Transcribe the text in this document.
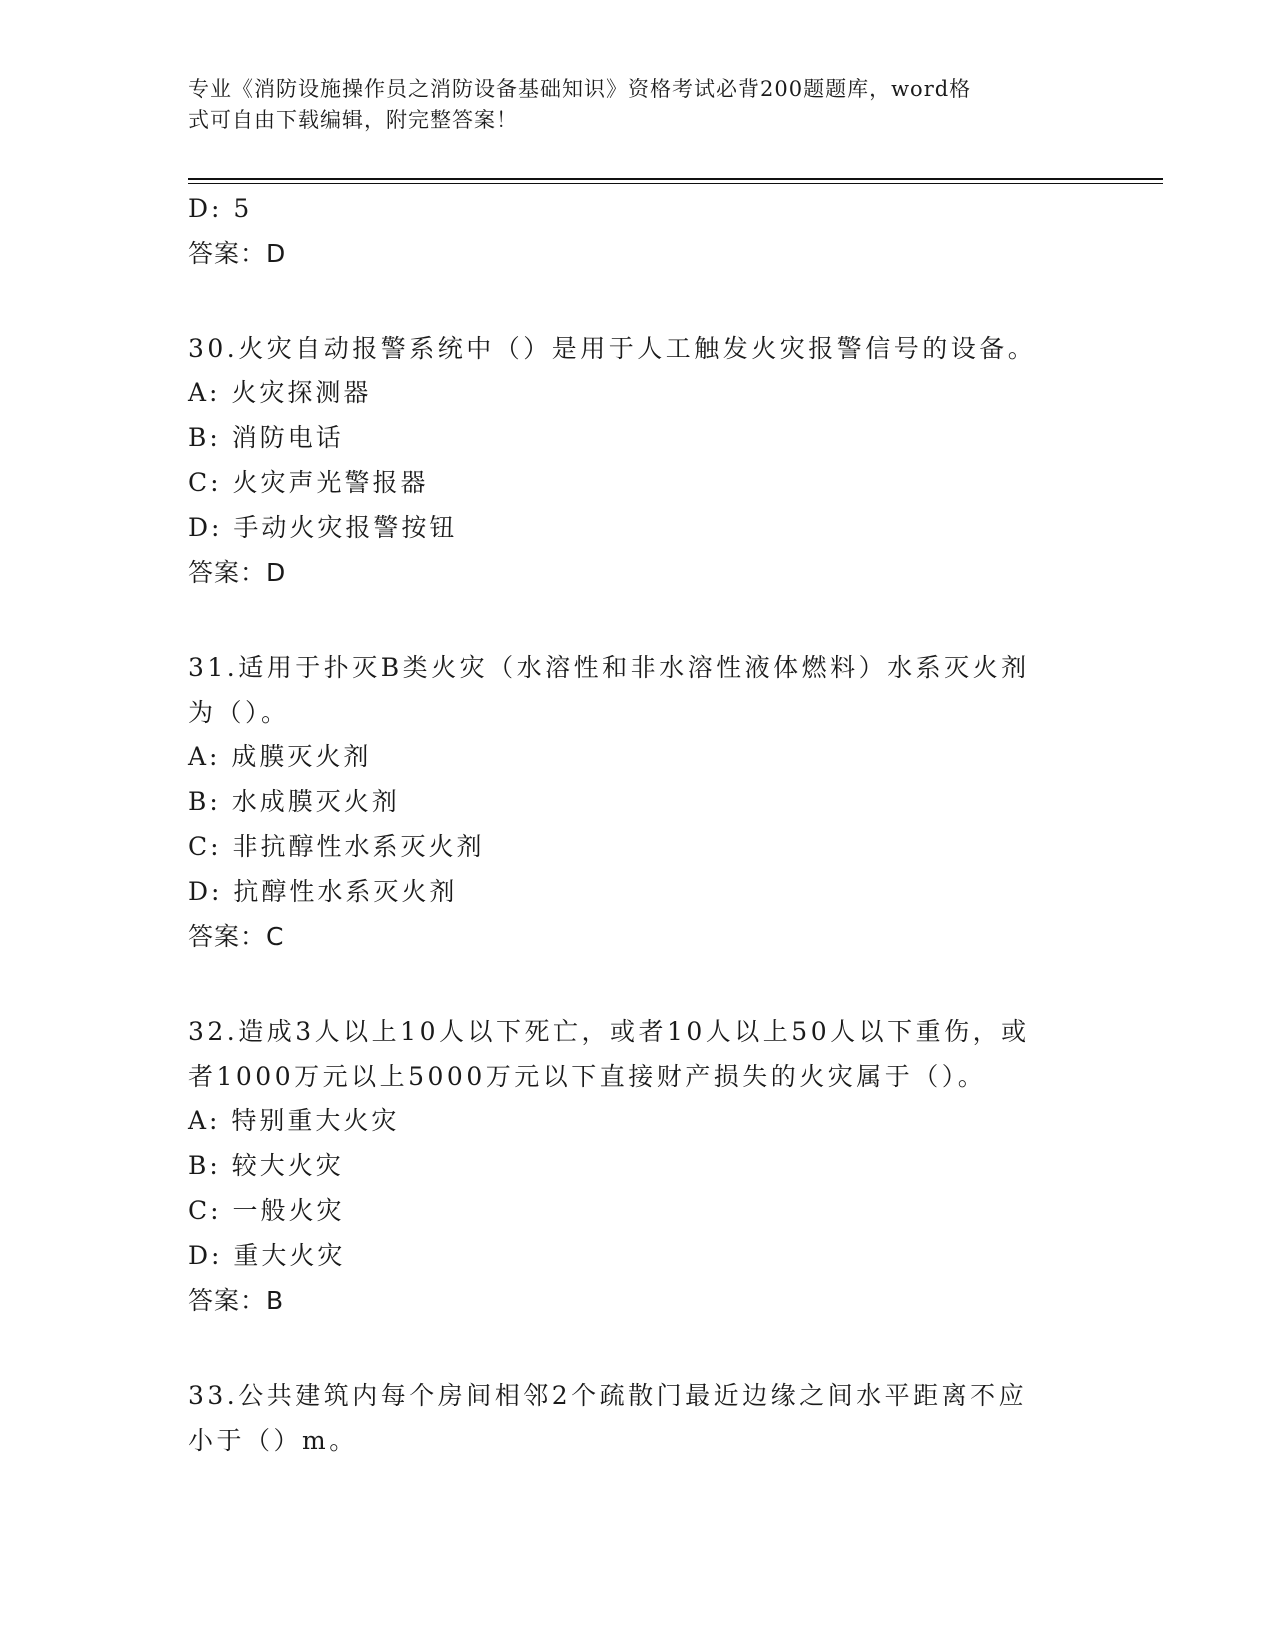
专业《消防设施操作员之消防设备基础知识》资格考试必背200题题库，word格
式可自由下载编辑，附完整答案！
D: 5
答案：D
30.火灾自动报警系统中（）是用于人工触发火灾报警信号的设备。
A: 火灾探测器
B: 消防电话
C: 火灾声光警报器
D: 手动火灾报警按钮
答案：D
31.适用于扑灭B类火灾（水溶性和非水溶性液体燃料）水系灭火剂为（）。
A: 成膜灭火剂
B: 水成膜灭火剂
C: 非抗醇性水系灭火剂
D: 抗醇性水系灭火剂
答案：C
32.造成3人以上10人以下死亡，或者10人以上50人以下重伤，或者1000万元以上5000万元以下直接财产损失的火灾属于（）。
A: 特别重大火灾
B: 较大火灾
C: 一般火灾
D: 重大火灾
答案：B
33.公共建筑内每个房间相邻2个疏散门最近边缘之间水平距离不应小于（）m。
